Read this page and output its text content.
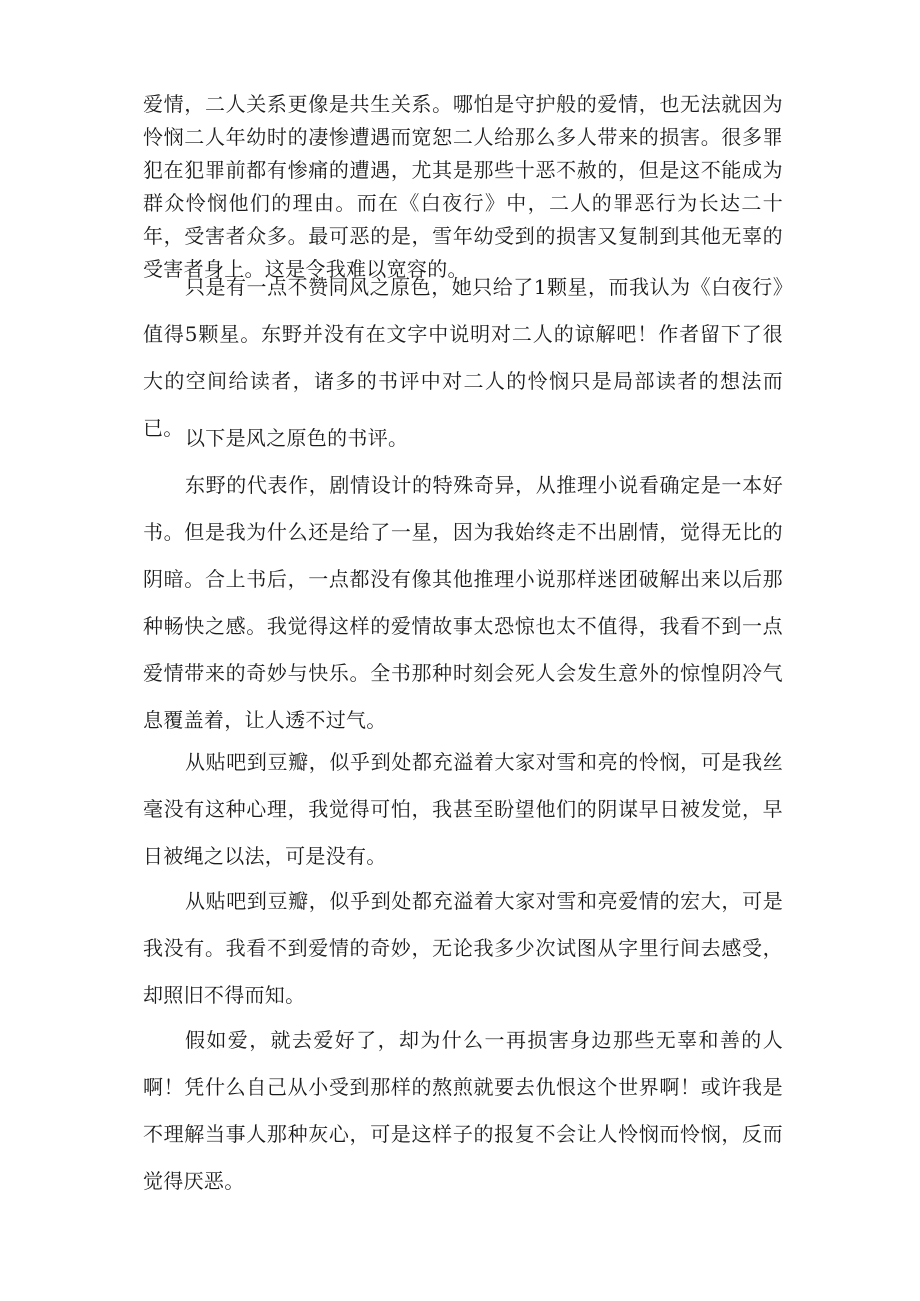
爱情，二人关系更像是共生关系。哪怕是守护般的爱情，也无法就因为怜悯二人年幼时的凄惨遭遇而宽恕二人给那么多人带来的损害。很多罪犯在犯罪前都有惨痛的遭遇，尤其是那些十恶不赦的，但是这不能成为群众怜悯他们的理由。而在《白夜行》中，二人的罪恶行为长达二十年，受害者众多。最可恶的是，雪年幼受到的损害又复制到其他无辜的受害者身上。这是令我难以宽容的。

只是有一点不赞同风之原色，她只给了1颗星，而我认为《白夜行》值得5颗星。东野并没有在文字中说明对二人的谅解吧！作者留下了很大的空间给读者，诸多的书评中对二人的怜悯只是局部读者的想法而已。 以下是风之原色的书评。

东野的代表作，剧情设计的特殊奇异，从推理小说看确定是一本好书。但是我为什么还是给了一星，因为我始终走不出剧情，觉得无比的阴暗。合上书后，一点都没有像其他推理小说那样迷团破解出来以后那种畅快之感。我觉得这样的爱情故事太恐惊也太不值得，我看不到一点爱情带来的奇妙与快乐。全书那种时刻会死人会发生意外的惊惶阴冷气息覆盖着，让人透不过气。

从贴吧到豆瓣，似乎到处都充溢着大家对雪和亮的怜悯，可是我丝毫没有这种心理，我觉得可怕，我甚至盼望他们的阴谋早日被发觉，早日被绳之以法，可是没有。

从贴吧到豆瓣，似乎到处都充溢着大家对雪和亮爱情的宏大，可是我没有。我看不到爱情的奇妙，无论我多少次试图从字里行间去感受，却照旧不得而知。

假如爱，就去爱好了，却为什么一再损害身边那些无辜和善的人啊！凭什么自己从小受到那样的熬煎就要去仇恨这个世界啊！或许我是不理解当事人那种灰心，可是这样子的报复不会让人怜悯而怜悯，反而觉得厌恶。
